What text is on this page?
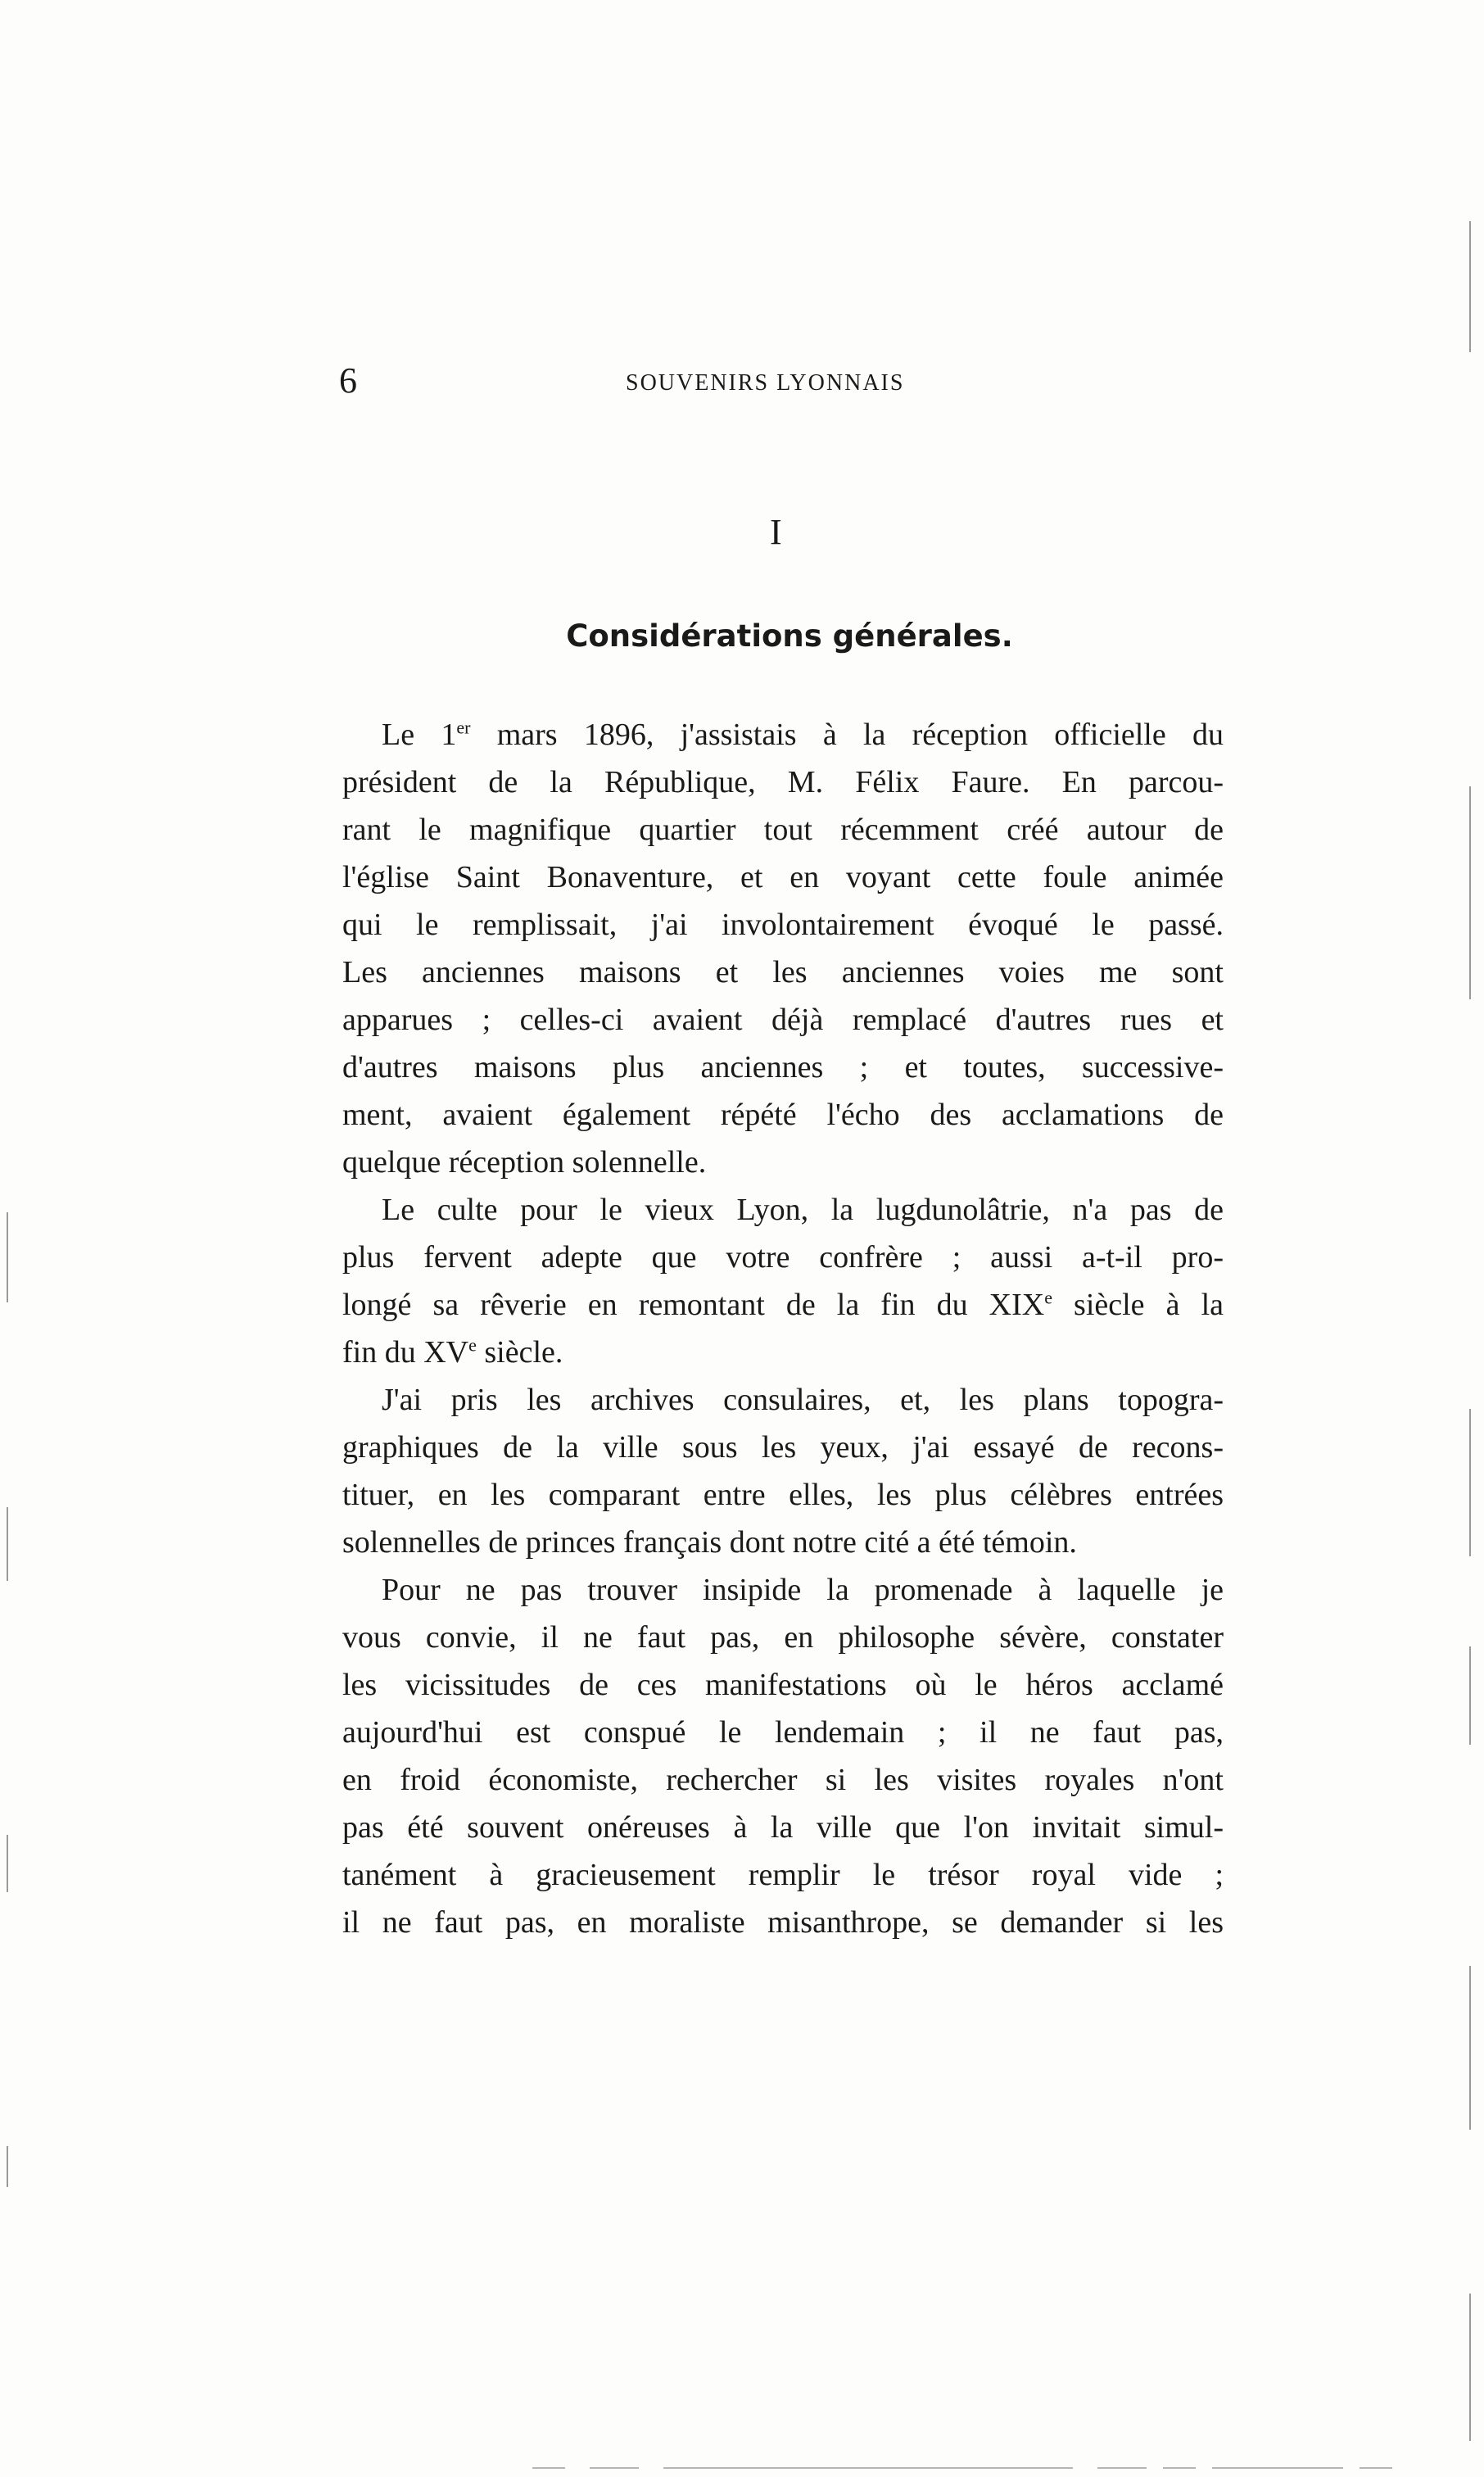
6	SOUVENIRS LYONNAIS
I
Considérations générales.
Le 1er mars 1896, j'assistais à la réception officielle du
président de la République, M. Félix Faure. En parcou-
rant le magnifique quartier tout récemment créé autour de
l'église Saint Bonaventure, et en voyant cette foule animée
qui le remplissait, j'ai involontairement évoqué le passé.
Les anciennes maisons et les anciennes voies me sont
apparues ; celles-ci avaient déjà remplacé d'autres rues et
d'autres maisons plus anciennes ; et toutes, successive-
ment, avaient également répété l'écho des acclamations de
quelque réception solennelle.
Le culte pour le vieux Lyon, la lugdunolâtrie, n'a pas de
plus fervent adepte que votre confrère ; aussi a-t-il pro-
longé sa rêverie en remontant de la fin du XIXe siècle à la
fin du XVe siècle.
J'ai pris les archives consulaires, et, les plans topogra-
graphiques de la ville sous les yeux, j'ai essayé de recons-
tituer, en les comparant entre elles, les plus célèbres entrées
solennelles de princes français dont notre cité a été témoin.
Pour ne pas trouver insipide la promenade à laquelle je
vous convie, il ne faut pas, en philosophe sévère, constater
les vicissitudes de ces manifestations où le héros acclamé
aujourd'hui est conspué le lendemain ; il ne faut pas,
en froid économiste, rechercher si les visites royales n'ont
pas été souvent onéreuses à la ville que l'on invitait simul-
tanément à gracieusement remplir le trésor royal vide ;
il ne faut pas, en moraliste misanthrope, se demander si les
